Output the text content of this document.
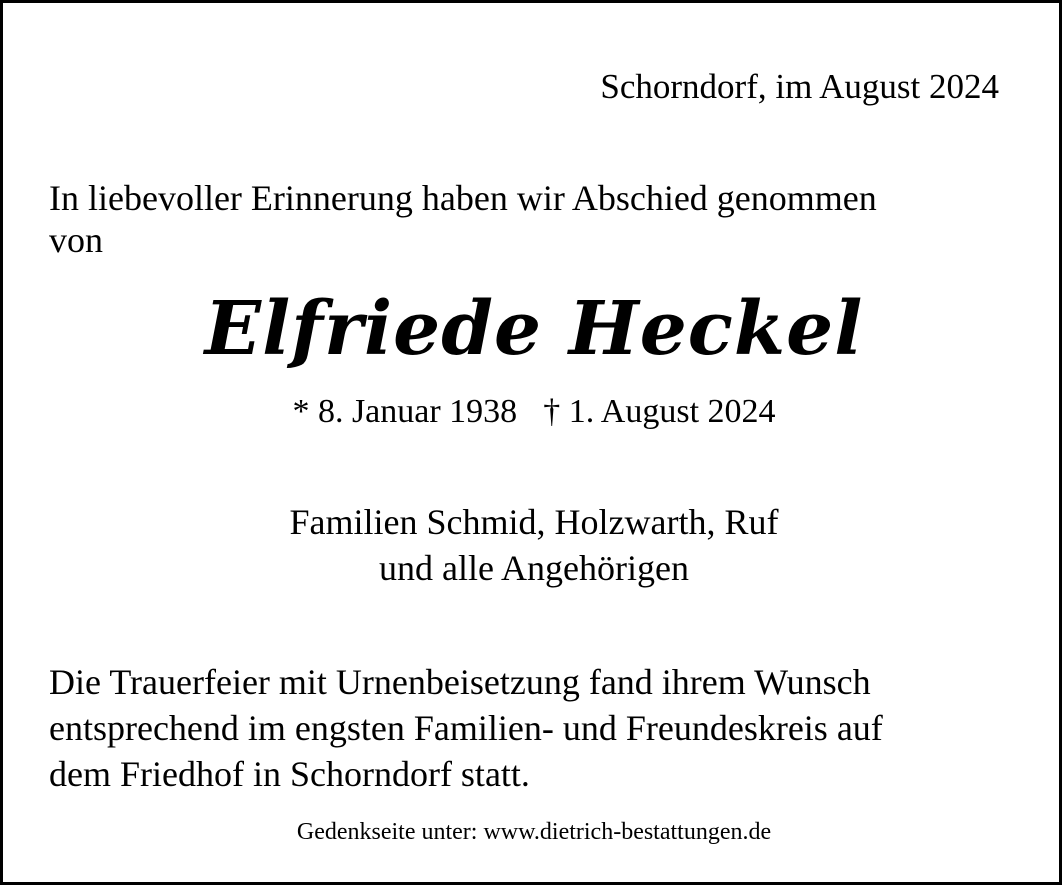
Schorndorf, im August 2024
In liebevoller Erinnerung haben wir Abschied genommen
von
Elfriede Heckel
* 8. Januar 1938 † 1. August 2024
Familien Schmid, Holzwarth, Ruf
und alle Angehörigen
Die Trauerfeier mit Urnenbeisetzung fand ihrem Wunsch
entsprechend im engsten Familien- und Freundeskreis auf
dem Friedhof in Schorndorf statt.
Gedenkseite unter: www.dietrich-bestattungen.de
